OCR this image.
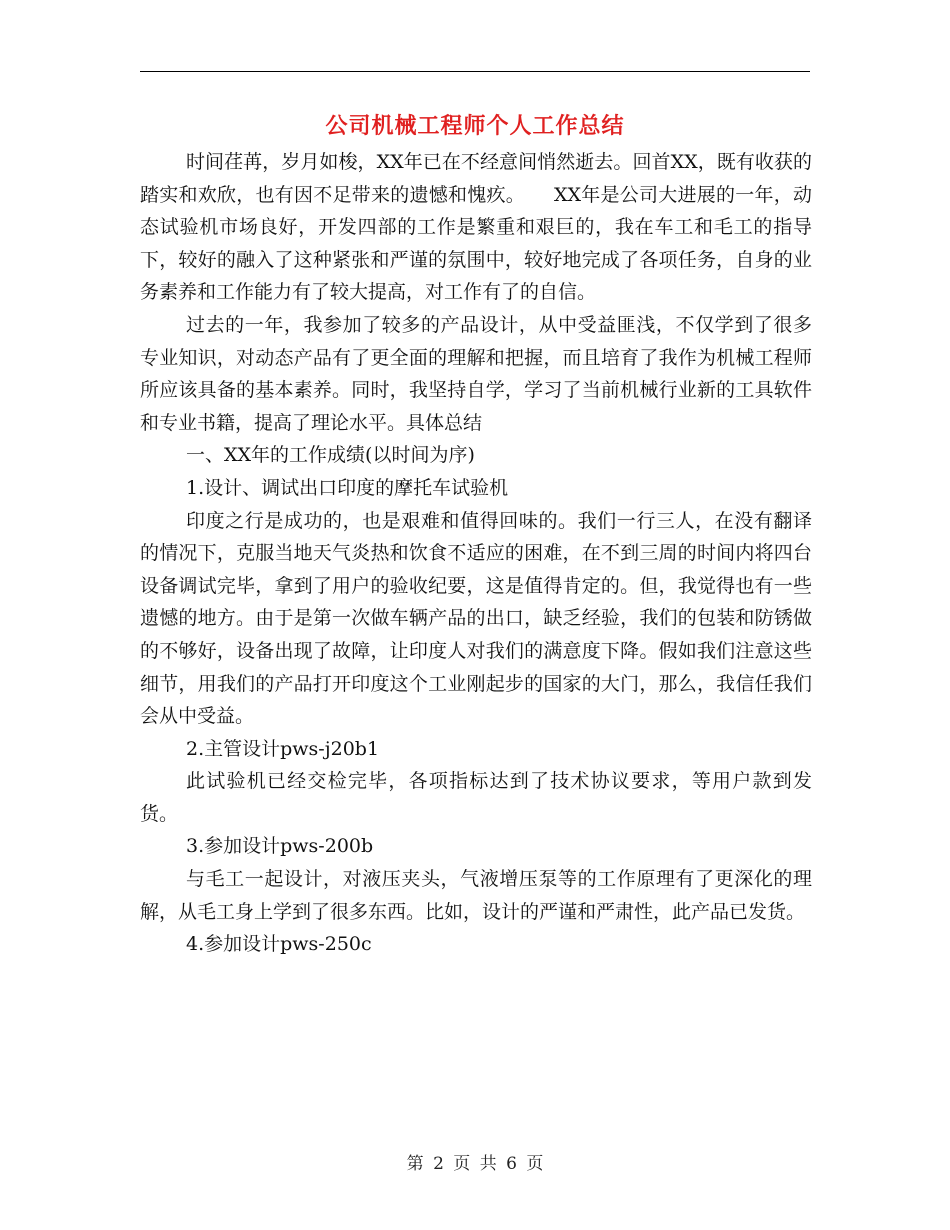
公司机械工程师个人工作总结

时间荏苒，岁月如梭，XX年已在不经意间悄然逝去。回首XX，既有收获的踏实和欢欣，也有因不足带来的遗憾和愧疚。　　XX年是公司大进展的一年，动态试验机市场良好，开发四部的工作是繁重和艰巨的，我在车工和毛工的指导下，较好的融入了这种紧张和严谨的氛围中，较好地完成了各项任务，自身的业务素养和工作能力有了较大提高，对工作有了的自信。

过去的一年，我参加了较多的产品设计，从中受益匪浅，不仅学到了很多专业知识，对动态产品有了更全面的理解和把握，而且培育了我作为机械工程师所应该具备的基本素养。同时，我坚持自学，学习了当前机械行业新的工具软件和专业书籍，提高了理论水平。具体总结

一、XX年的工作成绩(以时间为序)

1.设计、调试出口印度的摩托车试验机

印度之行是成功的，也是艰难和值得回味的。我们一行三人，在没有翻译的情况下，克服当地天气炎热和饮食不适应的困难，在不到三周的时间内将四台设备调试完毕，拿到了用户的验收纪要，这是值得肯定的。但，我觉得也有一些遗憾的地方。由于是第一次做车辆产品的出口，缺乏经验，我们的包装和防锈做的不够好，设备出现了故障，让印度人对我们的满意度下降。假如我们注意这些细节，用我们的产品打开印度这个工业刚起步的国家的大门，那么，我信任我们会从中受益。

2.主管设计pws-j20b1

此试验机已经交检完毕，各项指标达到了技术协议要求，等用户款到发货。

3.参加设计pws-200b

与毛工一起设计，对液压夹头，气液增压泵等的工作原理有了更深化的理解，从毛工身上学到了很多东西。比如，设计的严谨和严肃性，此产品已发货。

4.参加设计pws-250c

第 2 页 共 6 页
